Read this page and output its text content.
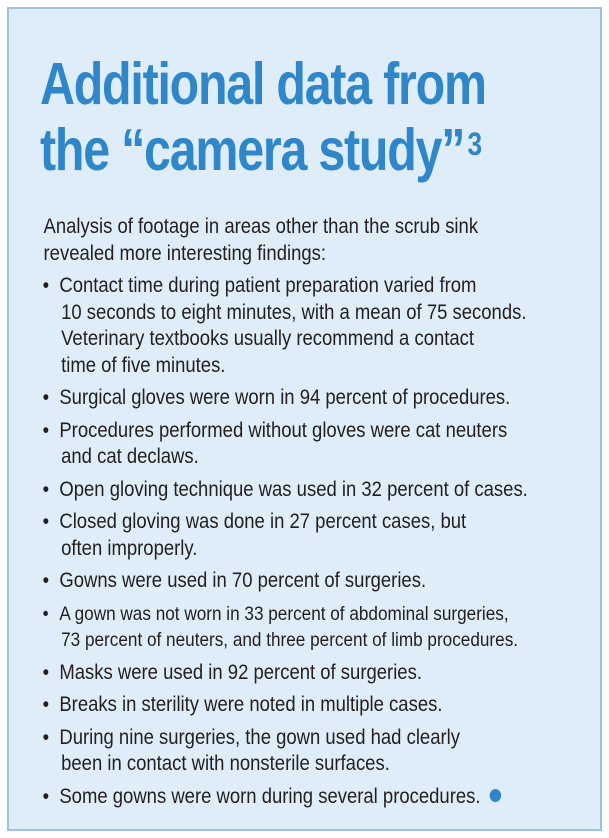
Additional data from
the “camera study” $^3$
Analysis of footage in areas other than the scrub sink
revealed more interesting findings:
• Contact time during patient preparation varied from
10 seconds to eight minutes, with a mean of 75 seconds.
Veterinary textbooks usually recommend a contact
time of five minutes.
• Surgical gloves were worn in 94 percent of procedures.
• Procedures performed without gloves were cat neuters
and cat declaws.
• Open gloving technique was used in 32 percent of cases.
• Closed gloving was done in 27 percent cases, but
often improperly.
• Gowns were used in 70 percent of surgeries.
• A gown was not worn in 33 percent of abdominal surgeries,
73 percent of neuters, and three percent of limb procedures.
• Masks were used in 92 percent of surgeries.
• Breaks in sterility were noted in multiple cases.
• During nine surgeries, the gown used had clearly
been in contact with nonsterile surfaces.
• Some gowns were worn during several procedures.
